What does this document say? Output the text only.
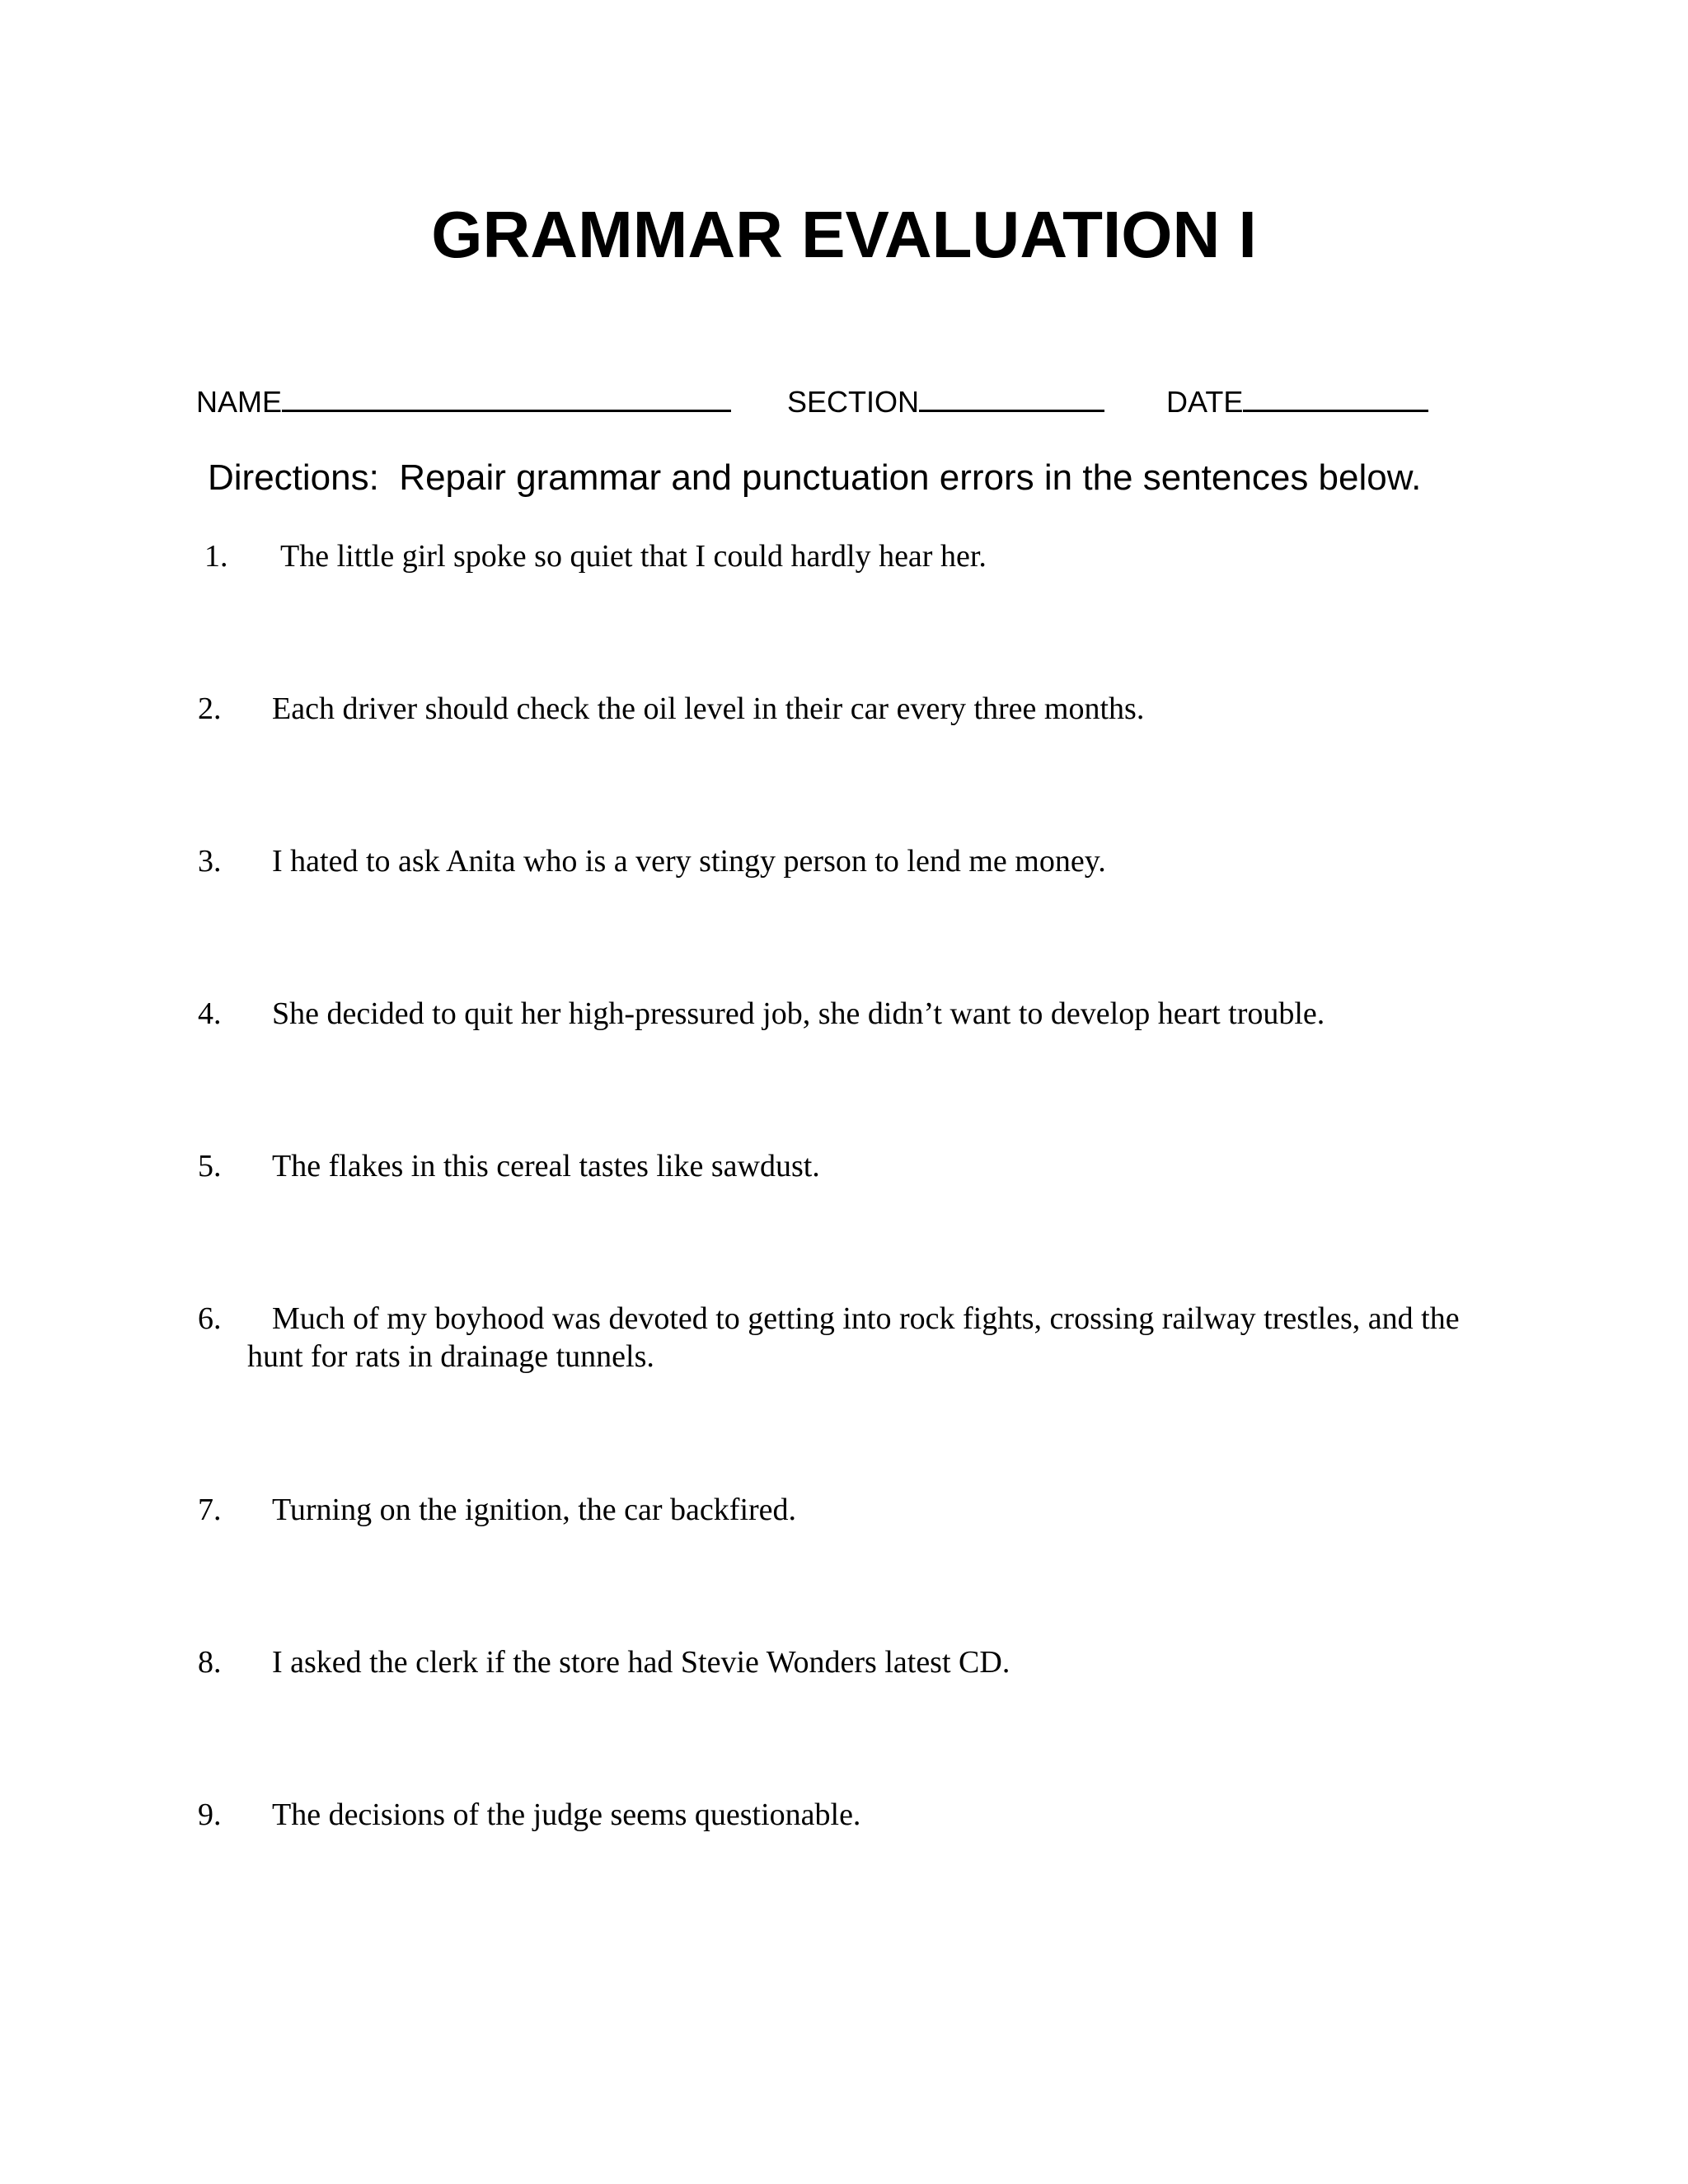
GRAMMAR EVALUATION I
NAME	SECTION	DATE

Directions:  Repair grammar and punctuation errors in the sentences below.

1.	The little girl spoke so quiet that I could hardly hear her.
2.	Each driver should check the oil level in their car every three months.
3.	I hated to ask Anita who is a very stingy person to lend me money.
4.	She decided to quit her high-pressured job, she didn’t want to develop heart trouble.
5.	The flakes in this cereal tastes like sawdust.
6.	Much of my boyhood was devoted to getting into rock fights, crossing railway trestles, and the hunt for rats in drainage tunnels.
7.	Turning on the ignition, the car backfired.
8.	I asked the clerk if the store had Stevie Wonders latest CD.
9.	The decisions of the judge seems questionable.
